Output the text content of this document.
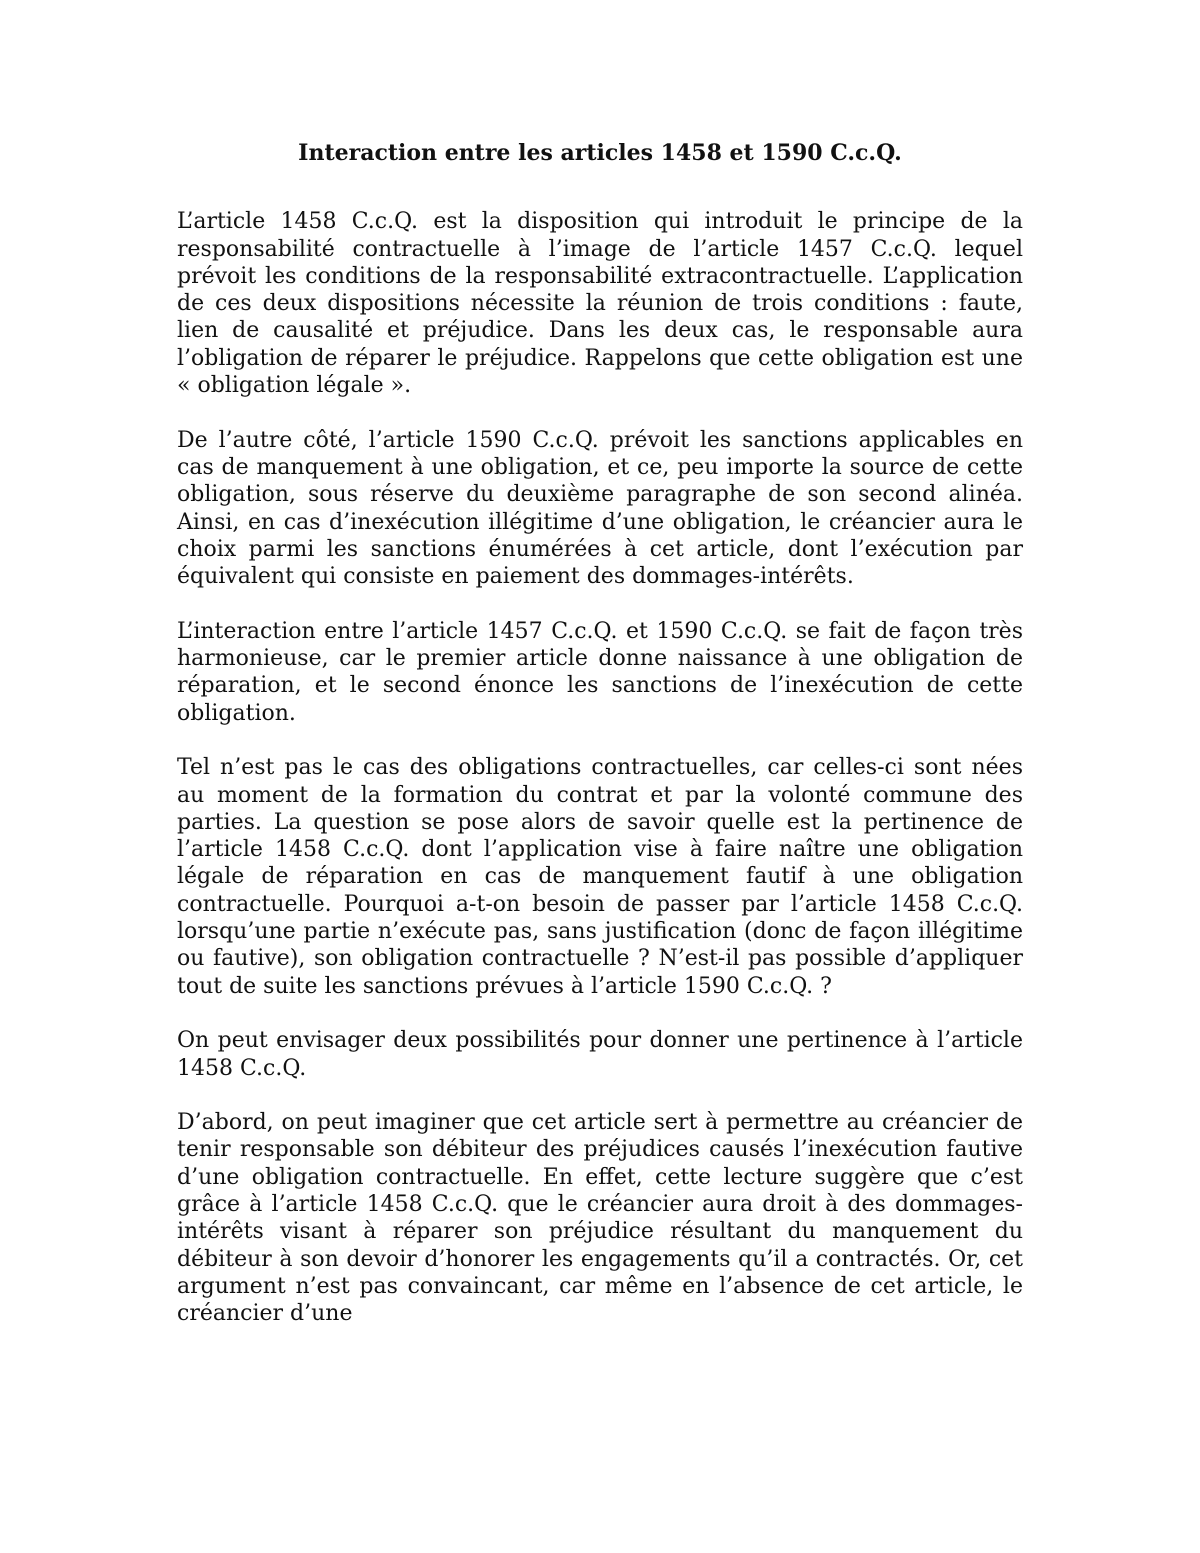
Interaction entre les articles 1458 et 1590 C.c.Q.

L’article 1458 C.c.Q. est la disposition qui introduit le principe de la responsabilité contractuelle à l’image de l’article 1457 C.c.Q. lequel prévoit les conditions de la responsabilité extracontractuelle. L’application de ces deux dispositions nécessite la réunion de trois conditions : faute, lien de causalité et préjudice. Dans les deux cas, le responsable aura l’obligation de réparer le préjudice. Rappelons que cette obligation est une « obligation légale ».

De l’autre côté, l’article 1590 C.c.Q. prévoit les sanctions applicables en cas de manquement à une obligation, et ce, peu importe la source de cette obligation, sous réserve du deuxième paragraphe de son second alinéa. Ainsi, en cas d’inexécution illégitime d’une obligation, le créancier aura le choix parmi les sanctions énumérées à cet article, dont l’exécution par équivalent qui consiste en paiement des dommages-intérêts.

L’interaction entre l’article 1457 C.c.Q. et 1590 C.c.Q. se fait de façon très harmonieuse, car le premier article donne naissance à une obligation de réparation, et le second énonce les sanctions de l’inexécution de cette obligation.

Tel n’est pas le cas des obligations contractuelles, car celles-ci sont nées au moment de la formation du contrat et par la volonté commune des parties. La question se pose alors de savoir quelle est la pertinence de l’article 1458 C.c.Q. dont l’application vise à faire naître une obligation légale de réparation en cas de manquement fautif à une obligation contractuelle. Pourquoi a-t-on besoin de passer par l’article 1458 C.c.Q. lorsqu’une partie n’exécute pas, sans justification (donc de façon illégitime ou fautive), son obligation contractuelle ? N’est-il pas possible d’appliquer tout de suite les sanctions prévues à l’article 1590 C.c.Q. ?

On peut envisager deux possibilités pour donner une pertinence à l’article 1458 C.c.Q.

D’abord, on peut imaginer que cet article sert à permettre au créancier de tenir responsable son débiteur des préjudices causés l’inexécution fautive d’une obligation contractuelle. En effet, cette lecture suggère que c’est grâce à l’article 1458 C.c.Q. que le créancier aura droit à des dommages-intérêts visant à réparer son préjudice résultant du manquement du débiteur à son devoir d’honorer les engagements qu’il a contractés. Or, cet argument n’est pas convaincant, car même en l’absence de cet article, le créancier d’une
